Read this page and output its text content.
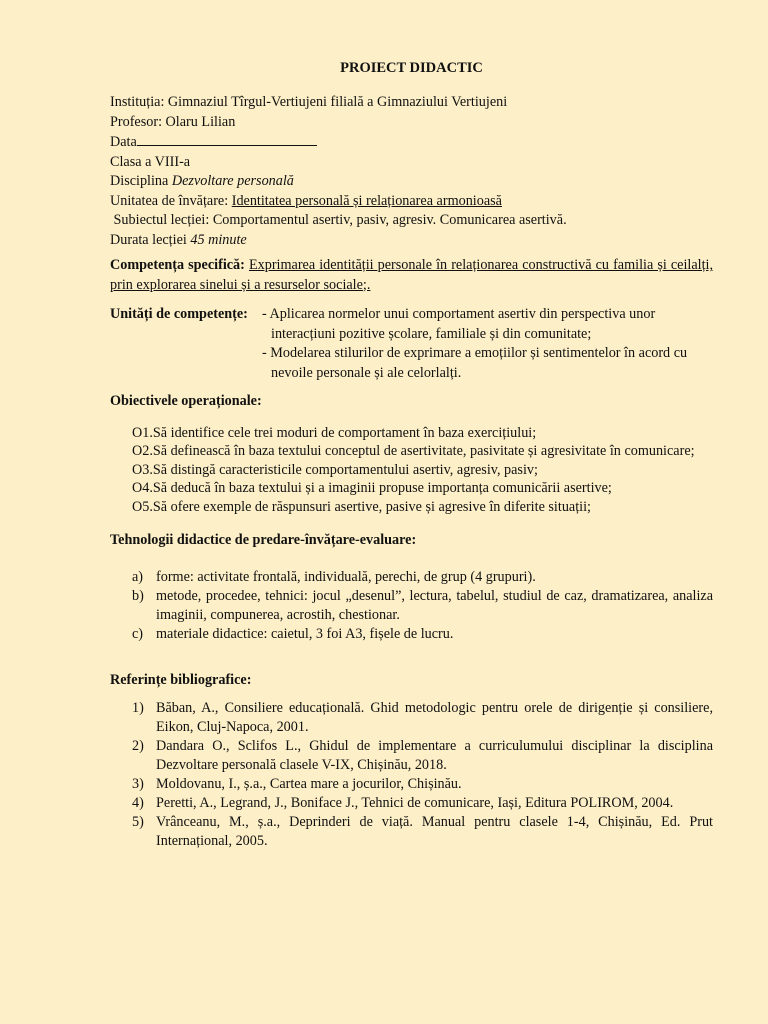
PROIECT DIDACTIC

Instituția: Gimnaziul Tîrgul-Vertiujeni filială a Gimnaziului Vertiujeni

Profesor: Olaru Lilian

Data

Clasa a VIII-a

Disciplina Dezvoltare personală

Unitatea de învățare: Identitatea personală și relaționarea armonioasă

Subiectul lecției: Comportamentul asertiv, pasiv, agresiv. Comunicarea asertivă.

Durata lecției 45 minute

Competența specifică: Exprimarea identității personale în relaționarea constructivă cu familia și ceilalți, prin explorarea sinelui și a resurselor sociale;.
Unități de competențe: - Aplicarea normelor unui comportament asertiv din perspectiva unor interacțiuni pozitive școlare, familiale și din comunitate;
- Modelarea stilurilor de exprimare a emoțiilor și sentimentelor în acord cu nevoile personale și ale celorlalți.
Obiectivele operaționale:
O1.Să identifice cele trei moduri de comportament în baza exercițiului;
O2.Să definească în baza textului conceptul de asertivitate, pasivitate și agresivitate în comunicare;
O3.Să distingă caracteristicile comportamentului asertiv, agresiv, pasiv;
O4.Să deducă în baza textului și a imaginii propuse importanța comunicării asertive;
O5.Să ofere exemple de răspunsuri asertive, pasive și agresive în diferite situații;
Tehnologii didactice de predare-învățare-evaluare:
a) forme: activitate frontală, individuală, perechi, de grup (4 grupuri).
b) metode, procedee, tehnici: jocul „desenul”, lectura, tabelul, studiul de caz, dramatizarea, analiza imaginii, compunerea, acrostih, chestionar.
c) materiale didactice: caietul, 3 foi A3, fișele de lucru.
Referințe bibliografice:
1) Băban, A., Consiliere educațională. Ghid metodologic pentru orele de dirigenție și consiliere, Eikon, Cluj-Napoca, 2001.
2) Dandara O., Sclifos L., Ghidul de implementare a curriculumului disciplinar la disciplina Dezvoltare personală clasele V-IX, Chișinău, 2018.
3) Moldovanu, I., ș.a., Cartea mare a jocurilor, Chișinău.
4) Peretti, A., Legrand, J., Boniface J., Tehnici de comunicare, Iași, Editura POLIROM, 2004.
5) Vrânceanu, M., ș.a., Deprinderi de viață. Manual pentru clasele 1-4, Chișinău, Ed. Prut Internațional, 2005.
